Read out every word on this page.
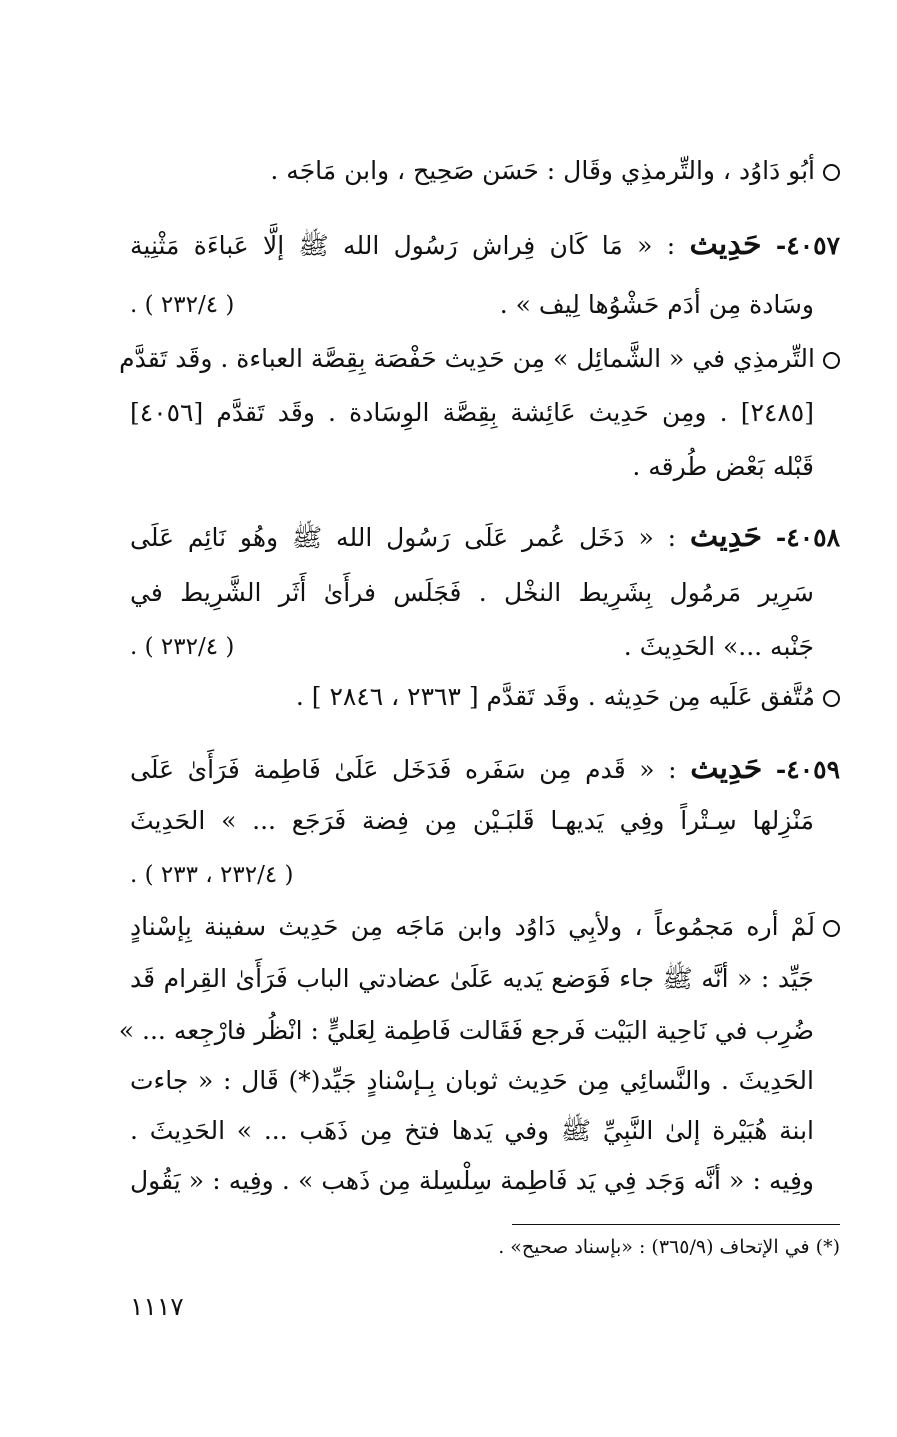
أبُو دَاوُد ، والتِّرمذِي وقَال : حَسَن صَحِيح ، وابن مَاجَه .
٤٠٥٧- حَدِيث : « مَا كَان فِراش رَسُول الله ﷺ إلَّا عَباءَة مَثْنِية
وسَادة مِن أدَم حَشْوُها لِيف » .
( ٢٣٢/٤ ) .
التِّرمذِي في « الشَّمائِل » مِن حَدِيث حَفْصَة بِقِصَّة العباءة . وقَد تَقدَّم
[٢٤٨٥] . ومِن حَدِيث عَائِشة بِقِصَّة الوِسَادة . وقَد تَقدَّم [٤٠٥٦]
قَبْله بَعْض طُرقه .
٤٠٥٨- حَدِيث : « دَخَل عُمر عَلَى رَسُول الله ﷺ وهُو نَائِم عَلَى
سَرِير مَرمُول بِشَرِيط النخْل . فَجَلَس فرأَىٰ أَثَر الشَّرِيط في
جَنْبه ...» الحَدِيثَ .
( ٢٣٢/٤ ) .
مُتَّفق عَلَيه مِن حَدِيثه . وقَد تَقدَّم [ ٢٣٦٣ ، ٢٨٤٦ ] .
٤٠٥٩- حَدِيث : « قَدم مِن سَفَره فَدَخَل عَلَىٰ فَاطِمة فَرَأَىٰ عَلَى
مَنْزِلها سِـتْراً وفِي يَديهـا قَلبَـيْن مِن فِضة فَرَجَع ... » الحَدِيثَ
( ٢٣٢/٤ ، ٢٣٣ ) .
لَمْ أره مَجمُوعاً ، ولأبِي دَاوُد وابن مَاجَه مِن حَدِيث سفينة بِإسْنادٍ
جَيِّد : « أنَّه ﷺ جاء فَوَضع يَديه عَلَىٰ عضادتي الباب فَرَأَىٰ القِرام قَد
ضُرِب في نَاحِية البَيْت فَرجع فَقَالت فَاطِمة لِعَليٍّ : انْظُر فارْجِعه ... »
الحَدِيثَ . والنَّسائِي مِن حَدِيث ثوبان بِـإسْنادٍ جَيِّد(*) قَال : « جاءت
ابنة هُبَيْرة إلىٰ النَّبِيِّ ﷺ وفي يَدها فتخ مِن ذَهَب ... » الحَدِيثَ .
وفِيه : « أنَّه وَجَد فِي يَد فَاطِمة سِلْسِلة مِن ذَهب » . وفِيه : « يَقُول
(*) في الإتحاف (٣٦٥/٩) : «بإسناد صحيح» .
١١١٧
